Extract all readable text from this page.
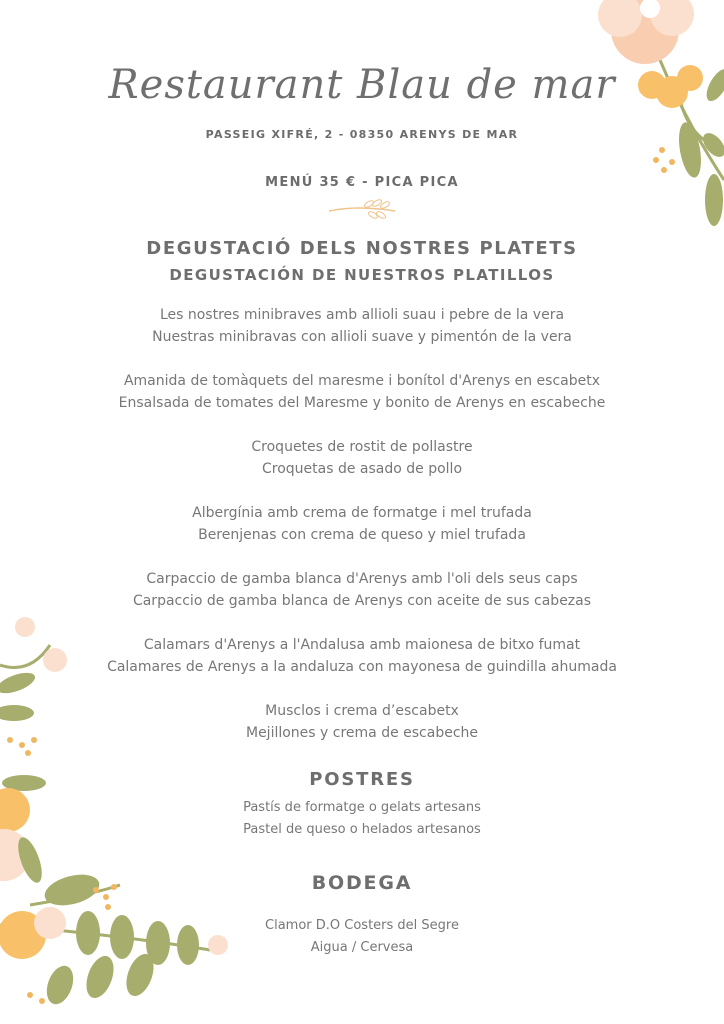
Restaurant Blau de mar
PASSEIG XIFRÉ, 2 - 08350 ARENYS DE MAR
MENÚ 35 € - PICA PICA
DEGUSTACIÓ DELS NOSTRES PLATETS
DEGUSTACIÓN DE NUESTROS PLATILLOS
Les nostres minibraves amb allioli suau i pebre de la vera
Nuestras minibravas con allioli suave y pimentón de la vera
Amanida de tomàquets del maresme i bonítol d'Arenys en escabetx
Ensalsada de tomates del Maresme y bonito de Arenys en escabeche
Croquetes de rostit de pollastre
Croquetas de asado de pollo
Albergínia amb crema de formatge i mel trufada
Berenjenas con crema de queso y miel trufada
Carpaccio de gamba blanca d'Arenys amb l'oli dels seus caps
Carpaccio de gamba blanca de Arenys con aceite de sus cabezas
Calamars d'Arenys a l'Andalusa amb maionesa de bitxo fumat
Calamares de Arenys a la andaluza con mayonesa de guindilla ahumada
Musclos i crema d’escabetx
Mejillones y crema de escabeche
POSTRES
Pastís de formatge o gelats artesans
Pastel de queso o helados artesanos
BODEGA
Clamor D.O Costers del Segre
Aigua / Cervesa
